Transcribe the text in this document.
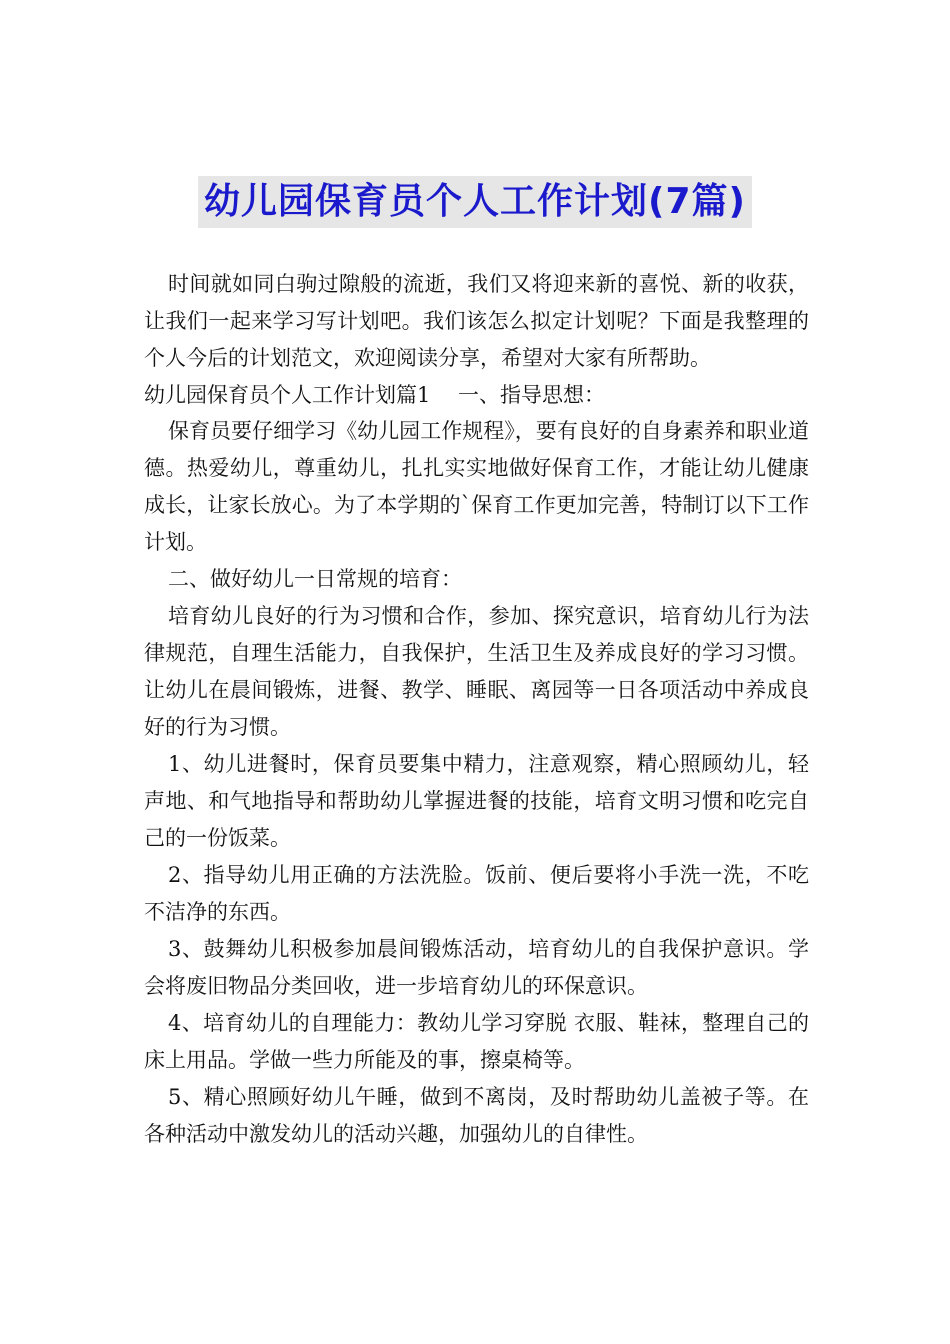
幼儿园保育员个人工作计划(7篇)

时间就如同白驹过隙般的流逝，我们又将迎来新的喜悦、新的收获，让我们一起来学习写计划吧。我们该怎么拟定计划呢？下面是我整理的个人今后的计划范文，欢迎阅读分享，希望对大家有所帮助。

幼儿园保育员个人工作计划篇1　 一、指导思想：

保育员要仔细学习《幼儿园工作规程》，要有良好的自身素养和职业道德。热爱幼儿，尊重幼儿，扎扎实实地做好保育工作，才能让幼儿健康成长，让家长放心。为了本学期的`保育工作更加完善，特制订以下工作计划。

二、做好幼儿一日常规的培育：

培育幼儿良好的行为习惯和合作，参加、探究意识，培育幼儿行为法律规范，自理生活能力，自我保护，生活卫生及养成良好的学习习惯。让幼儿在晨间锻炼，进餐、教学、睡眠、离园等一日各项活动中养成良好的行为习惯。

1、幼儿进餐时，保育员要集中精力，注意观察，精心照顾幼儿，轻声地、和气地指导和帮助幼儿掌握进餐的技能，培育文明习惯和吃完自己的一份饭菜。

2、指导幼儿用正确的方法洗脸。饭前、便后要将小手洗一洗，不吃不洁净的东西。

3、鼓舞幼儿积极参加晨间锻炼活动，培育幼儿的自我保护意识。学会将废旧物品分类回收，进一步培育幼儿的环保意识。

4、培育幼儿的自理能力：教幼儿学习穿脱 衣服、鞋袜，整理自己的床上用品。学做一些力所能及的事，擦桌椅等。

5、精心照顾好幼儿午睡，做到不离岗，及时帮助幼儿盖被子等。在各种活动中激发幼儿的活动兴趣，加强幼儿的自律性。
